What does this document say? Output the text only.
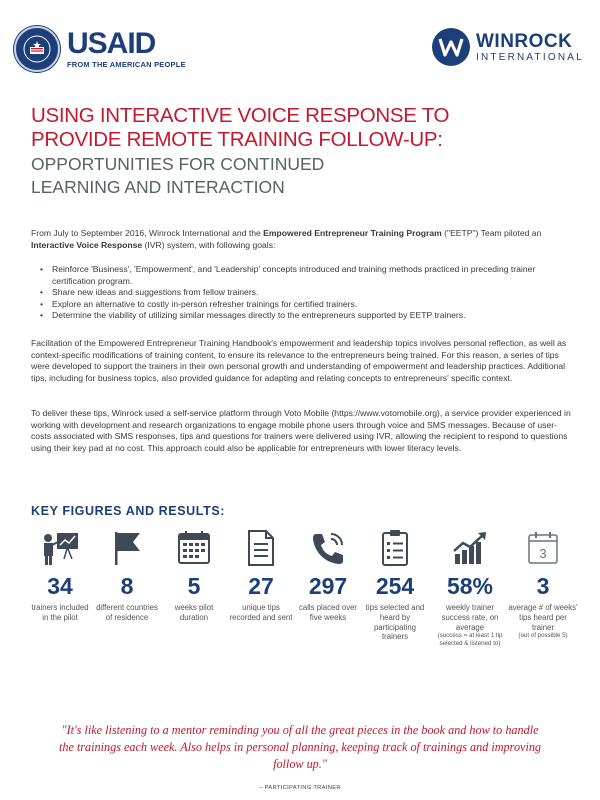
USAID
FROM THE AMERICAN PEOPLE
WINROCK
INTERNATIONAL
USING INTERACTIVE VOICE RESPONSE TO
PROVIDE REMOTE TRAINING FOLLOW-UP:
OPPORTUNITIES FOR CONTINUED
LEARNING AND INTERACTION
From July to September 2016, Winrock International and the Empowered Entrepreneur Training Program ("EETP") Team piloted an Interactive Voice Response (IVR) system, with following goals:
• Reinforce 'Business', 'Empowerment', and 'Leadership' concepts introduced and training methods practiced in preceding trainer certification program.
• Share new ideas and suggestions from fellow trainers.
• Explore an alternative to costly in-person refresher trainings for certified trainers.
• Determine the viability of utilizing similar messages directly to the entrepreneurs supported by EETP trainers.
Facilitation of the Empowered Entrepreneur Training Handbook's empowerment and leadership topics involves personal reflection, as well as context-specific modifications of training content, to ensure its relevance to the entrepreneurs being trained. For this reason, a series of tips were developed to support the trainers in their own personal growth and understanding of empowerment and leadership practices. Additional tips, including for business topics, also provided guidance for adapting and relating concepts to entrepreneurs' specific context.
To deliver these tips, Winrock used a self-service platform through Voto Mobile (https://www.votomobile.org), a service provider experienced in working with development and research organizations to engage mobile phone users through voice and SMS messages. Because of user-costs associated with SMS responses, tips and questions for trainers were delivered using IVR, allowing the recipient to respond to questions using their key pad at no cost. This approach could also be applicable for entrepreneurs with lower literacy levels.
KEY FIGURES AND RESULTS:
34
trainers included in the pilot
8
different countries of residence
5
weeks pilot duration
27
unique tips recorded and sent
297
calls placed over five weeks
254
tips selected and heard by participating trainers
58%
weekly trainer success rate, on average
(success = at least 1 tip selected & listened to)
3
3
average # of weeks' tips heard per trainer
(out of possible 5)
"It's like listening to a mentor reminding you of all the great pieces in the book and how to handle the trainings each week. Also helps in personal planning, keeping track of trainings and improving follow up."
– PARTICIPATING TRAINER
